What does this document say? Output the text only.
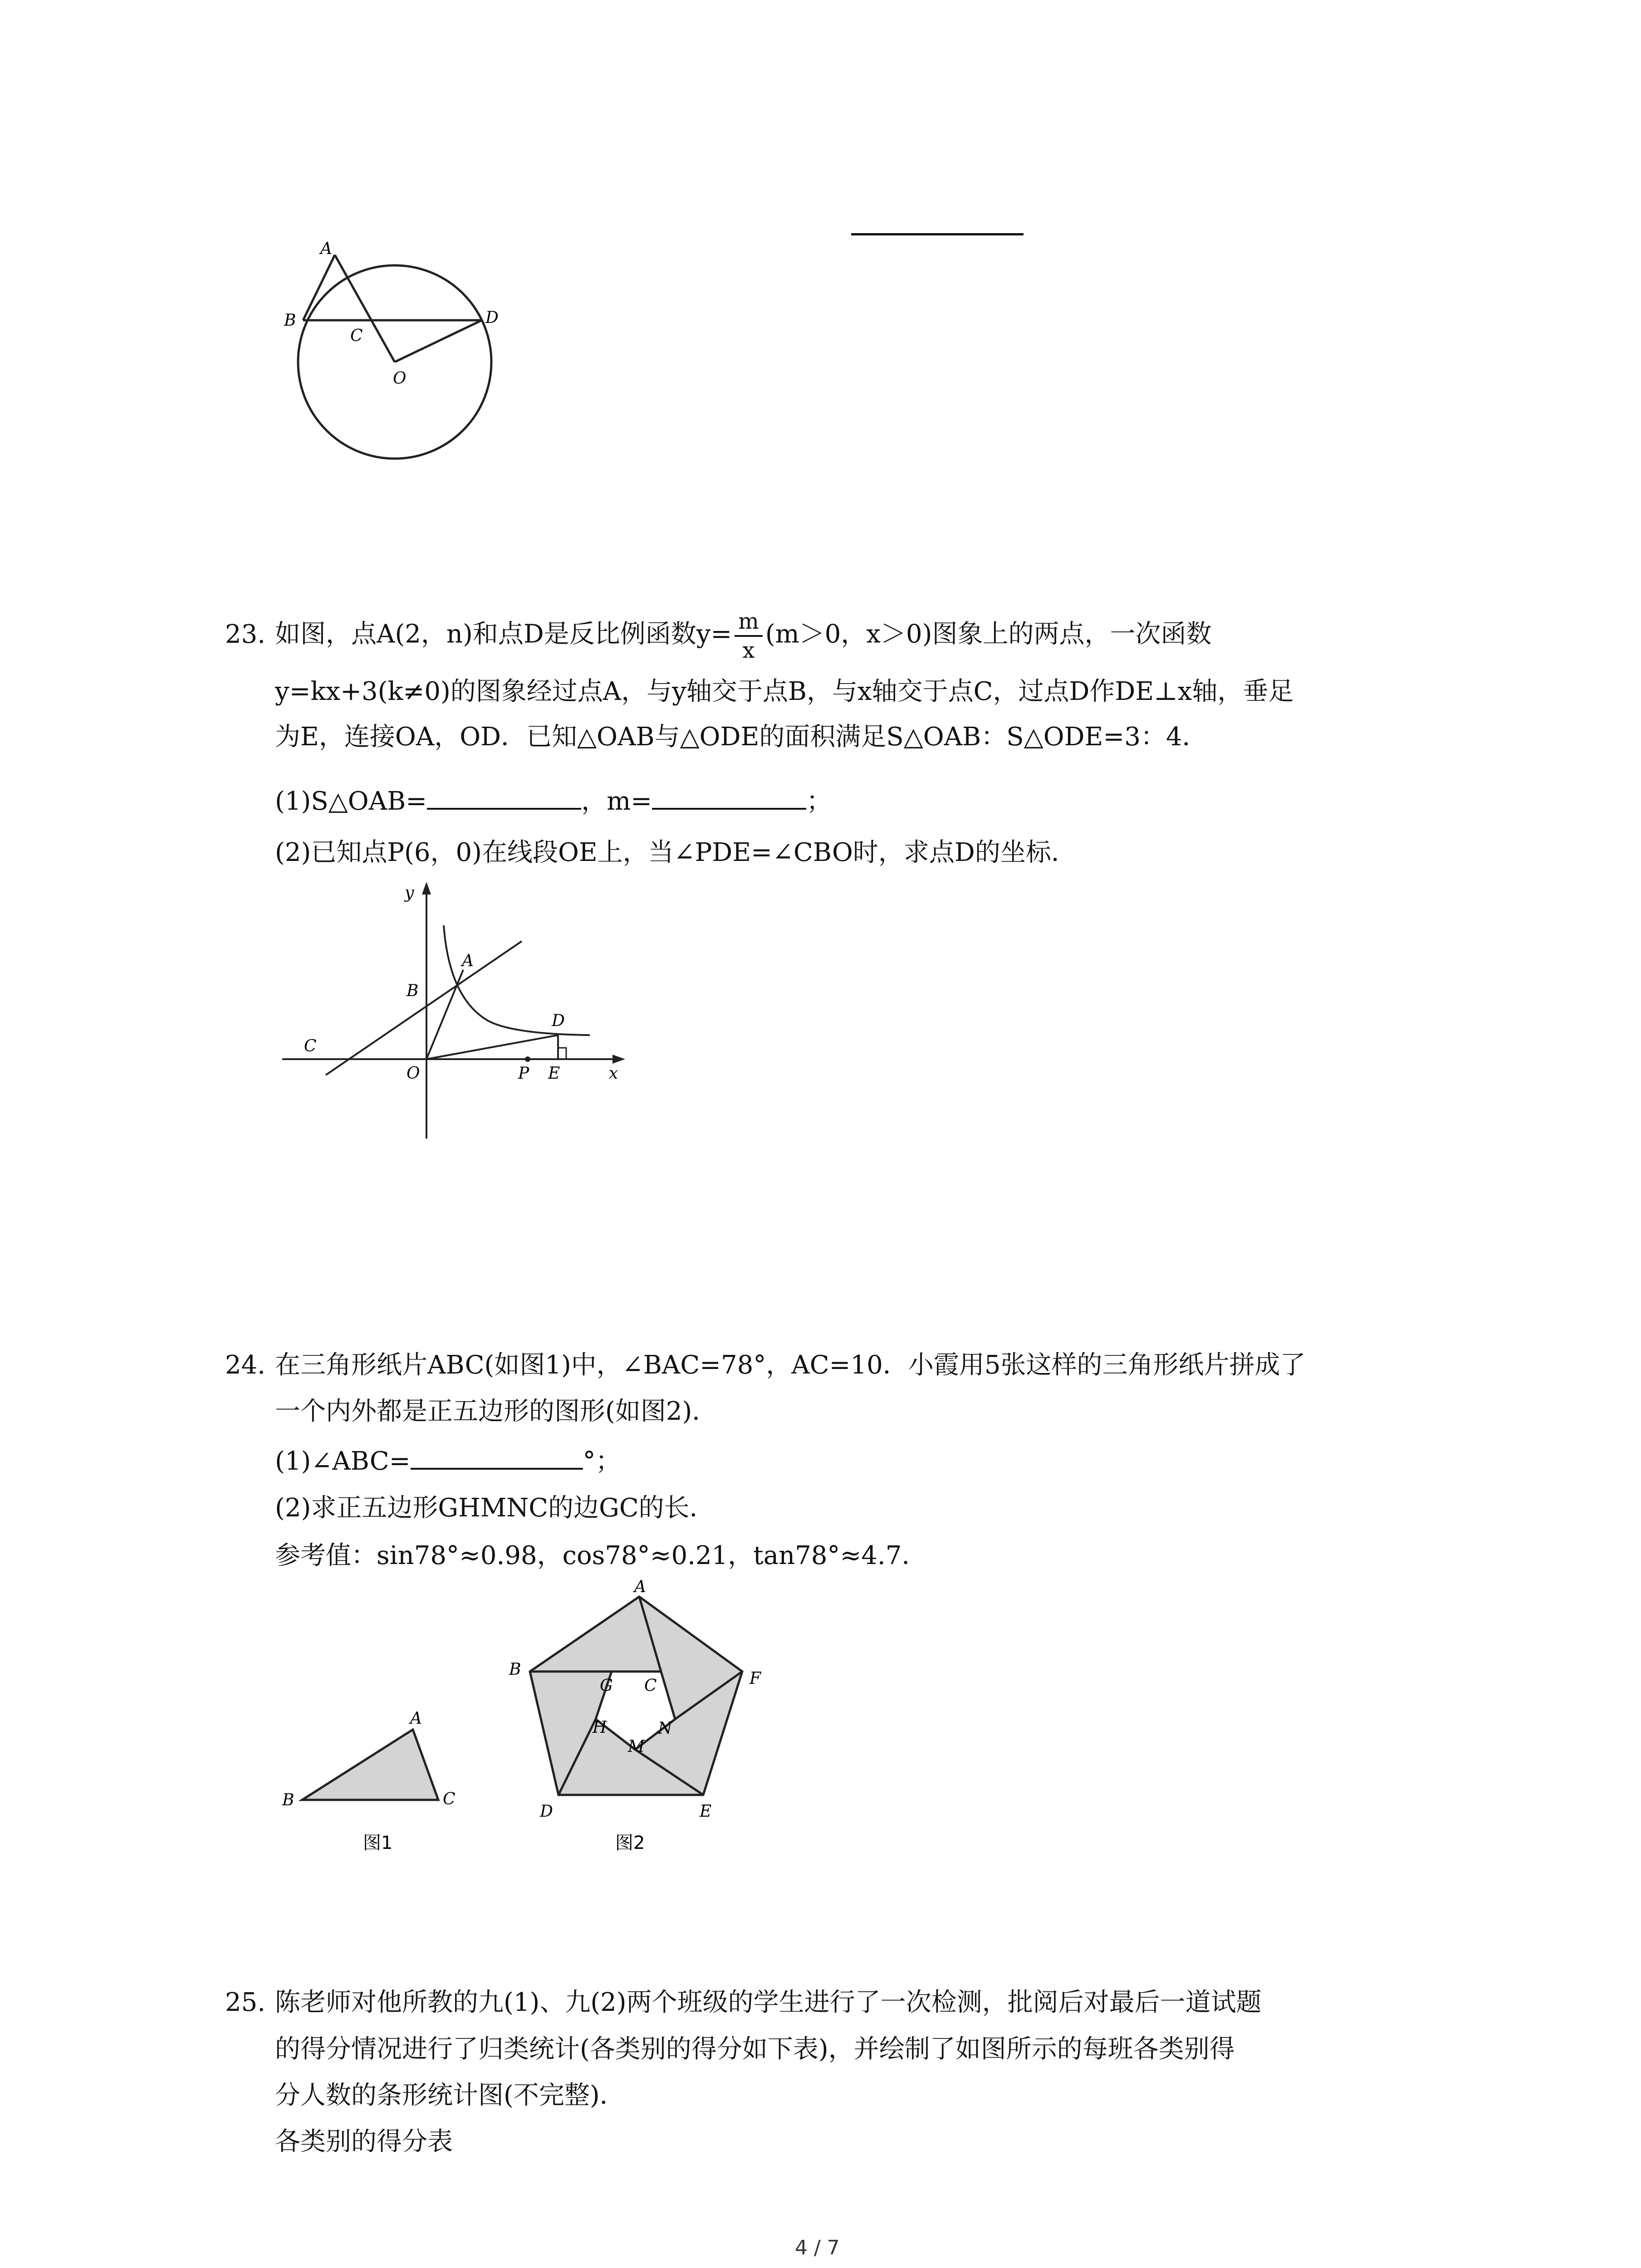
A
B
C
D
O
23. 如图，点A(2，n)和点D是反比例函数$y= \frac{m}{x} (m>0$，x＞0)图象上的两点，一次函数
y=kx+3(k≠0)的图象经过点A，与y轴交于点B，与x轴交于点C，过点D作DE⊥x轴，垂足
为E，连接OA，OD．已知△OAB与△ODE的面积满足S△OAB：S△ODE=3：4．
(1)S△OAB=	，m=	；
(2)已知点P(6，0)在线段OE上，当∠PDE=∠CBO时，求点D的坐标．
y
x
A
B
C
D
O	P E
24. 在三角形纸片ABC(如图1)中，∠BAC=78°，AC=10．小霞用5张这样的三角形纸片拼成了
一个内外都是正五边形的图形(如图2)．
(1)∠ABC=	°；
(2)求正五边形GHMNC的边GC的长．
参考值：sin78°≈0.98，cos78°≈0.21，tan78°≈4.7．
A
B	C
图1
A
B
C
D	E
F
G
H
M
N
图2
25. 陈老师对他所教的九(1)、九(2)两个班级的学生进行了一次检测，批阅后对最后一道试题
的得分情况进行了归类统计(各类别的得分如下表)，并绘制了如图所示的每班各类别得
分人数的条形统计图(不完整)．
各类别的得分表
4 / 7
